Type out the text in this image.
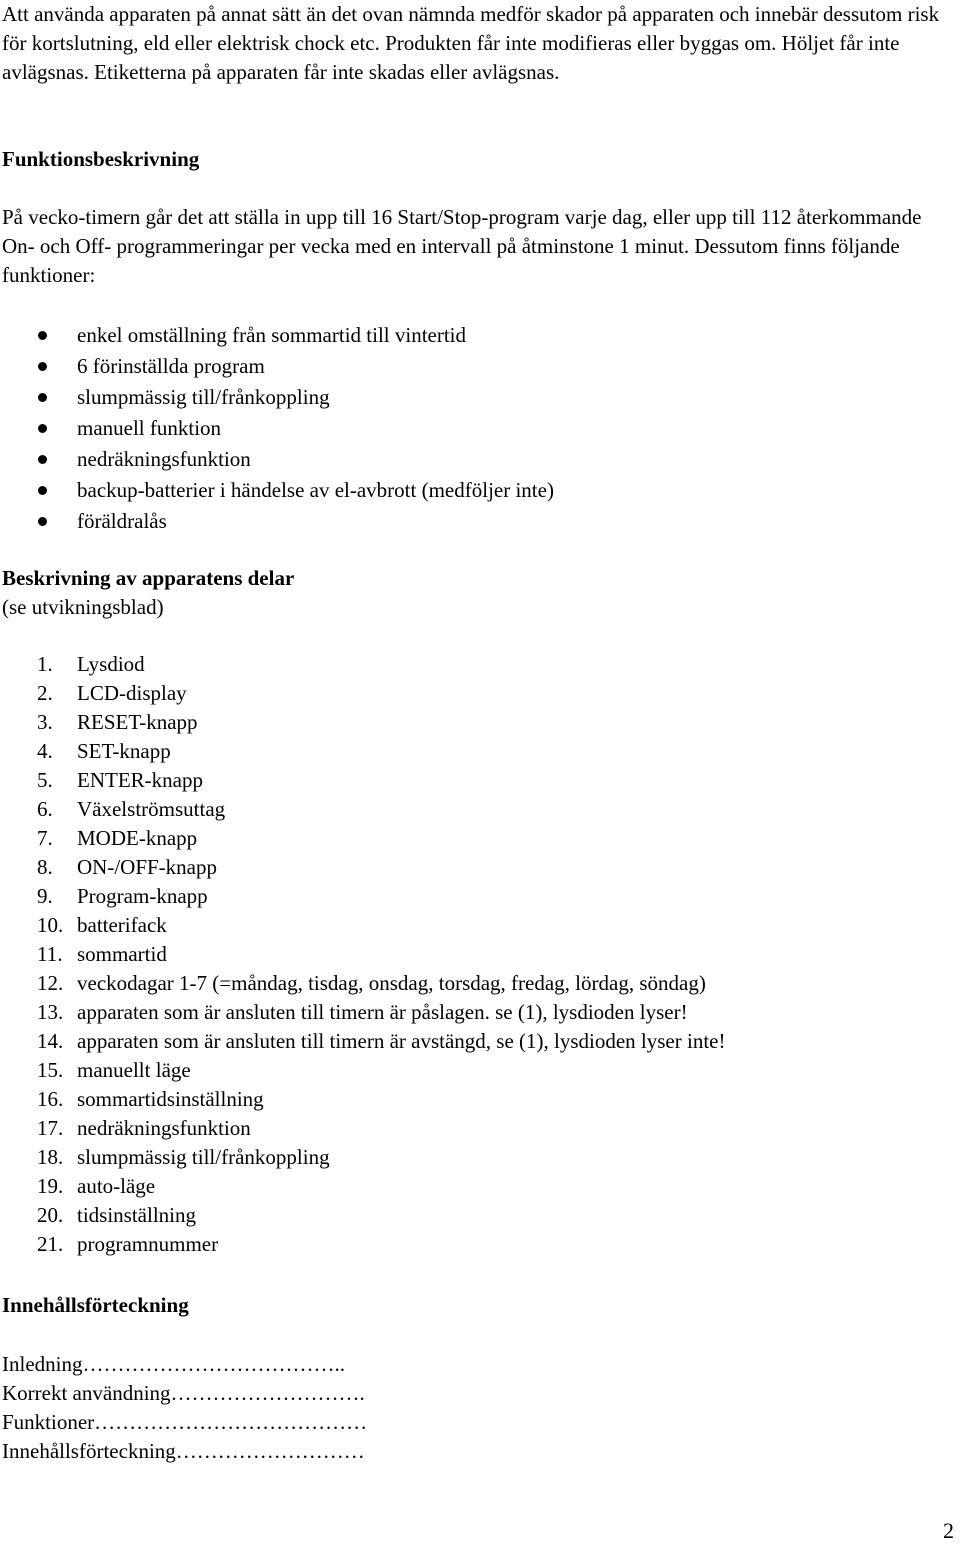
Att använda apparaten på annat sätt än det ovan nämnda medför skador på apparaten och innebär dessutom risk för kortslutning, eld eller elektrisk chock etc. Produkten får inte modifieras eller byggas om. Höljet får inte avlägsnas. Etiketterna på apparaten får inte skadas eller avlägsnas.

Funktionsbeskrivning

På vecko-timern går det att ställa in upp till 16 Start/Stop-program varje dag, eller upp till 112 återkommande On- och Off- programmeringar per vecka med en intervall på åtminstone 1 minut. Dessutom finns följande funktioner:

enkel omställning från sommartid till vintertid
6 förinställda program
slumpmässig till/frånkoppling
manuell funktion
nedräkningsfunktion
backup-batterier i händelse av el-avbrott (medföljer inte)
föräldralås

Beskrivning av apparatens delar

(se utvikningsblad)

1. Lysdiod
2. LCD-display
3. RESET-knapp
4. SET-knapp
5. ENTER-knapp
6. Växelströmsuttag
7. MODE-knapp
8. ON-/OFF-knapp
9. Program-knapp
10. batterifack
11. sommartid
12. veckodagar 1-7 (=måndag, tisdag, onsdag, torsdag, fredag, lördag, söndag)
13. apparaten som är ansluten till timern är påslagen. se (1), lysdioden lyser!
14. apparaten som är ansluten till timern är avstängd, se (1), lysdioden lyser inte!
15. manuellt läge
16. sommartidsinställning
17. nedräkningsfunktion
18. slumpmässig till/frånkoppling
19. auto-läge
20. tidsinställning
21. programnummer

Innehållsförteckning

Inledning………………………………..
Korrekt användning……………………….
Funktioner…………………………………
Innehållsförteckning………………………
2
